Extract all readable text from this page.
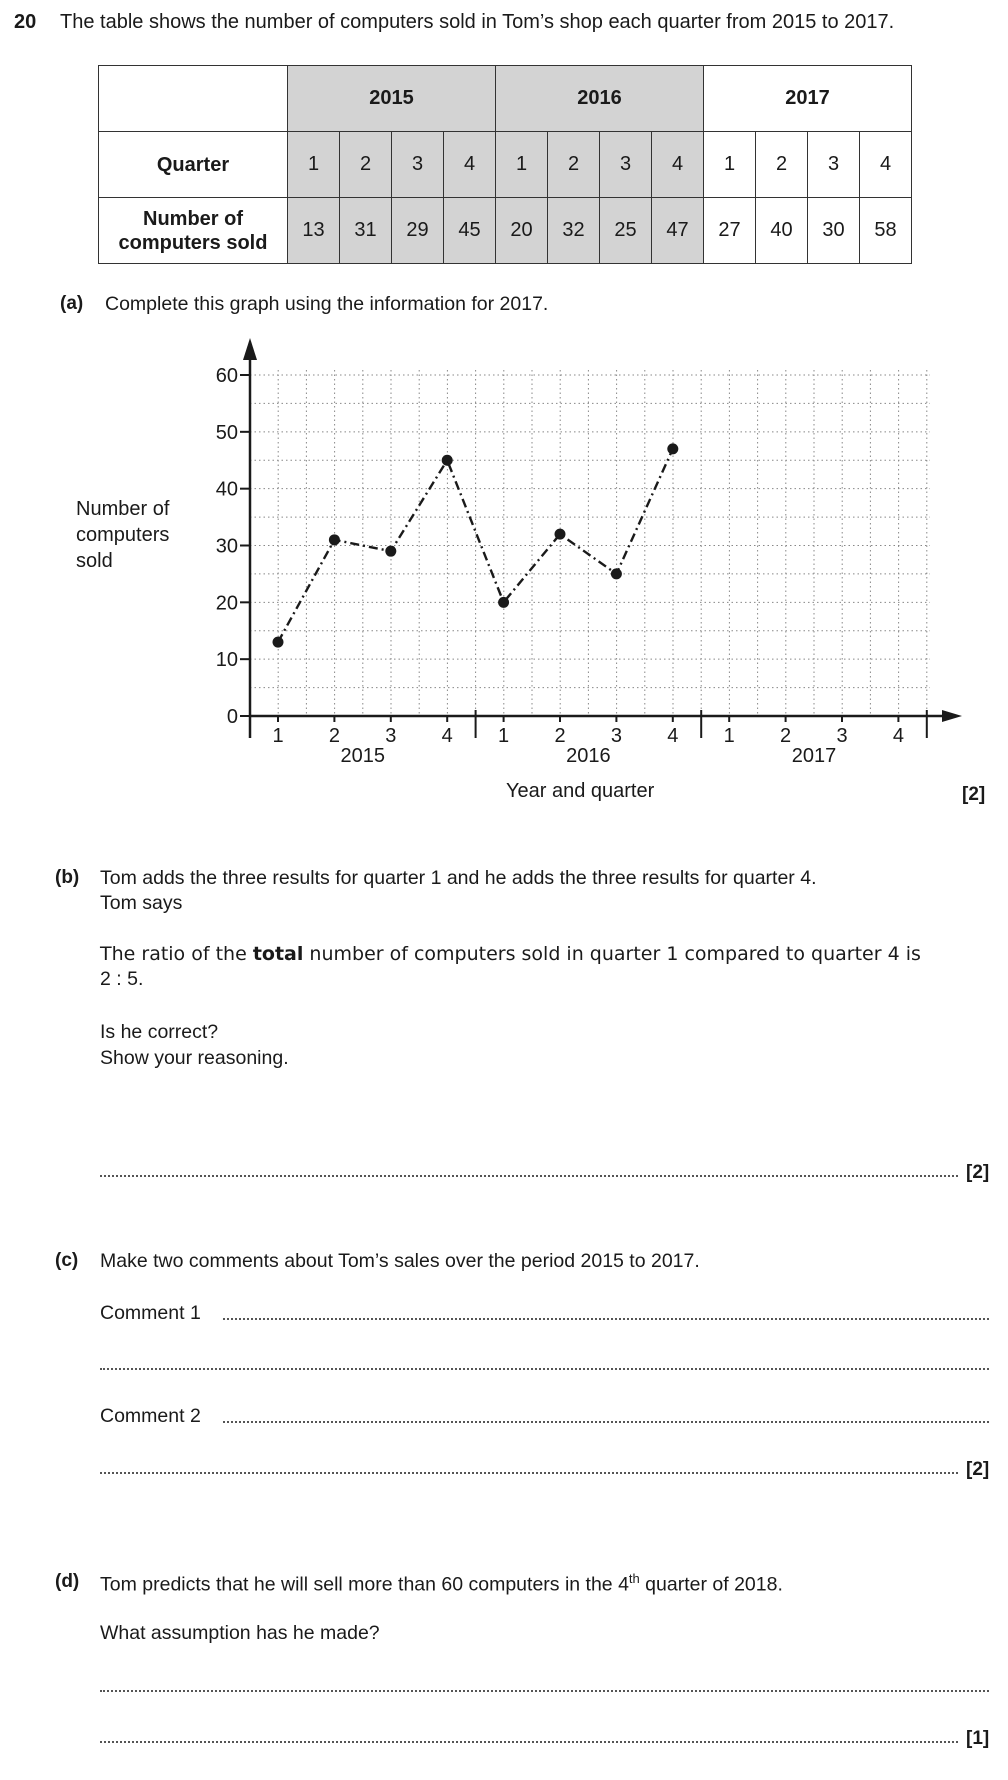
20 The table shows the number of computers sold in Tom’s shop each quarter from 2015 to 2017.
	2015				2016				2017			
Quarter	1	2	3	4	1	2	3	4	1	2	3	4
Number of
computers sold	13	31	29	45	20	32	25	47	27	40	30	58
(a) Complete this graph using the information for 2017.
0
10
20
30
40
50
60
1 2 3 4 1 2 3 4 1 2 3 4
2015	2016	2017
Number of
computers
sold
Year and quarter	[2]
(b) Tom adds the three results for quarter 1 and he adds the three results for quarter 4.
Tom says
The ratio of the total number of computers sold in quarter 1 compared to quarter 4 is
2 : 5.
Is he correct?
Show your reasoning.
[2]
(c) Make two comments about Tom’s sales over the period 2015 to 2017.
Comment 1
Comment 2
[2]
(d) Tom predicts that he will sell more than 60 computers in the 4th quarter of 2018.
What assumption has he made?
[1]
